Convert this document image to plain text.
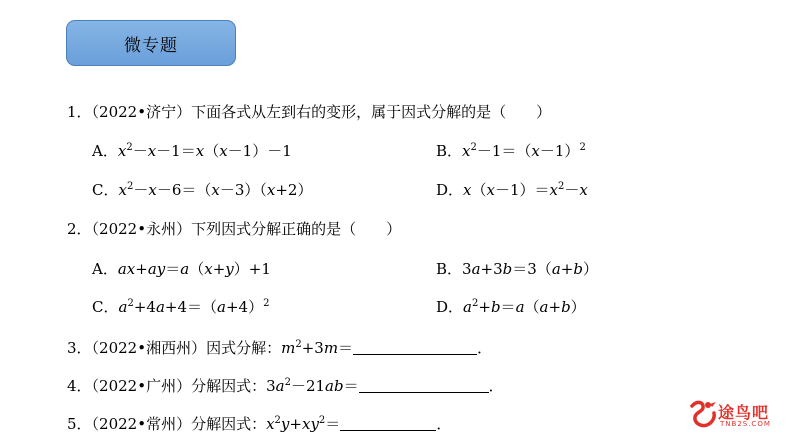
微专题
1．（2022•济宁）下面各式从左到右的变形，属于因式分解的是（　　）
A．$x^2-x-1=x(x-1)-1$	B．$x^2-1=(x-1)^2$
C．$x^2-x-6=(x-3)(x+2)$	D．$x(x-1)=x^2-x$
2．（2022•永州）下列因式分解正确的是（　　）
A．ax+ay＝a（x+y）+1	B．3a+3b＝3（a+b）
C．$a^2+4a+4=(a+4)^2$	D．$a^2+b=a(a+b)$
3．（2022•湘西州）因式分解：$m^2+3m=$	．
4．（2022•广州）分解因式：$3a^2-21ab=$	．
5．（2022•常州）分解因式：$x^2y+xy^2=$	．
途鸟吧
TNB2S.COM
